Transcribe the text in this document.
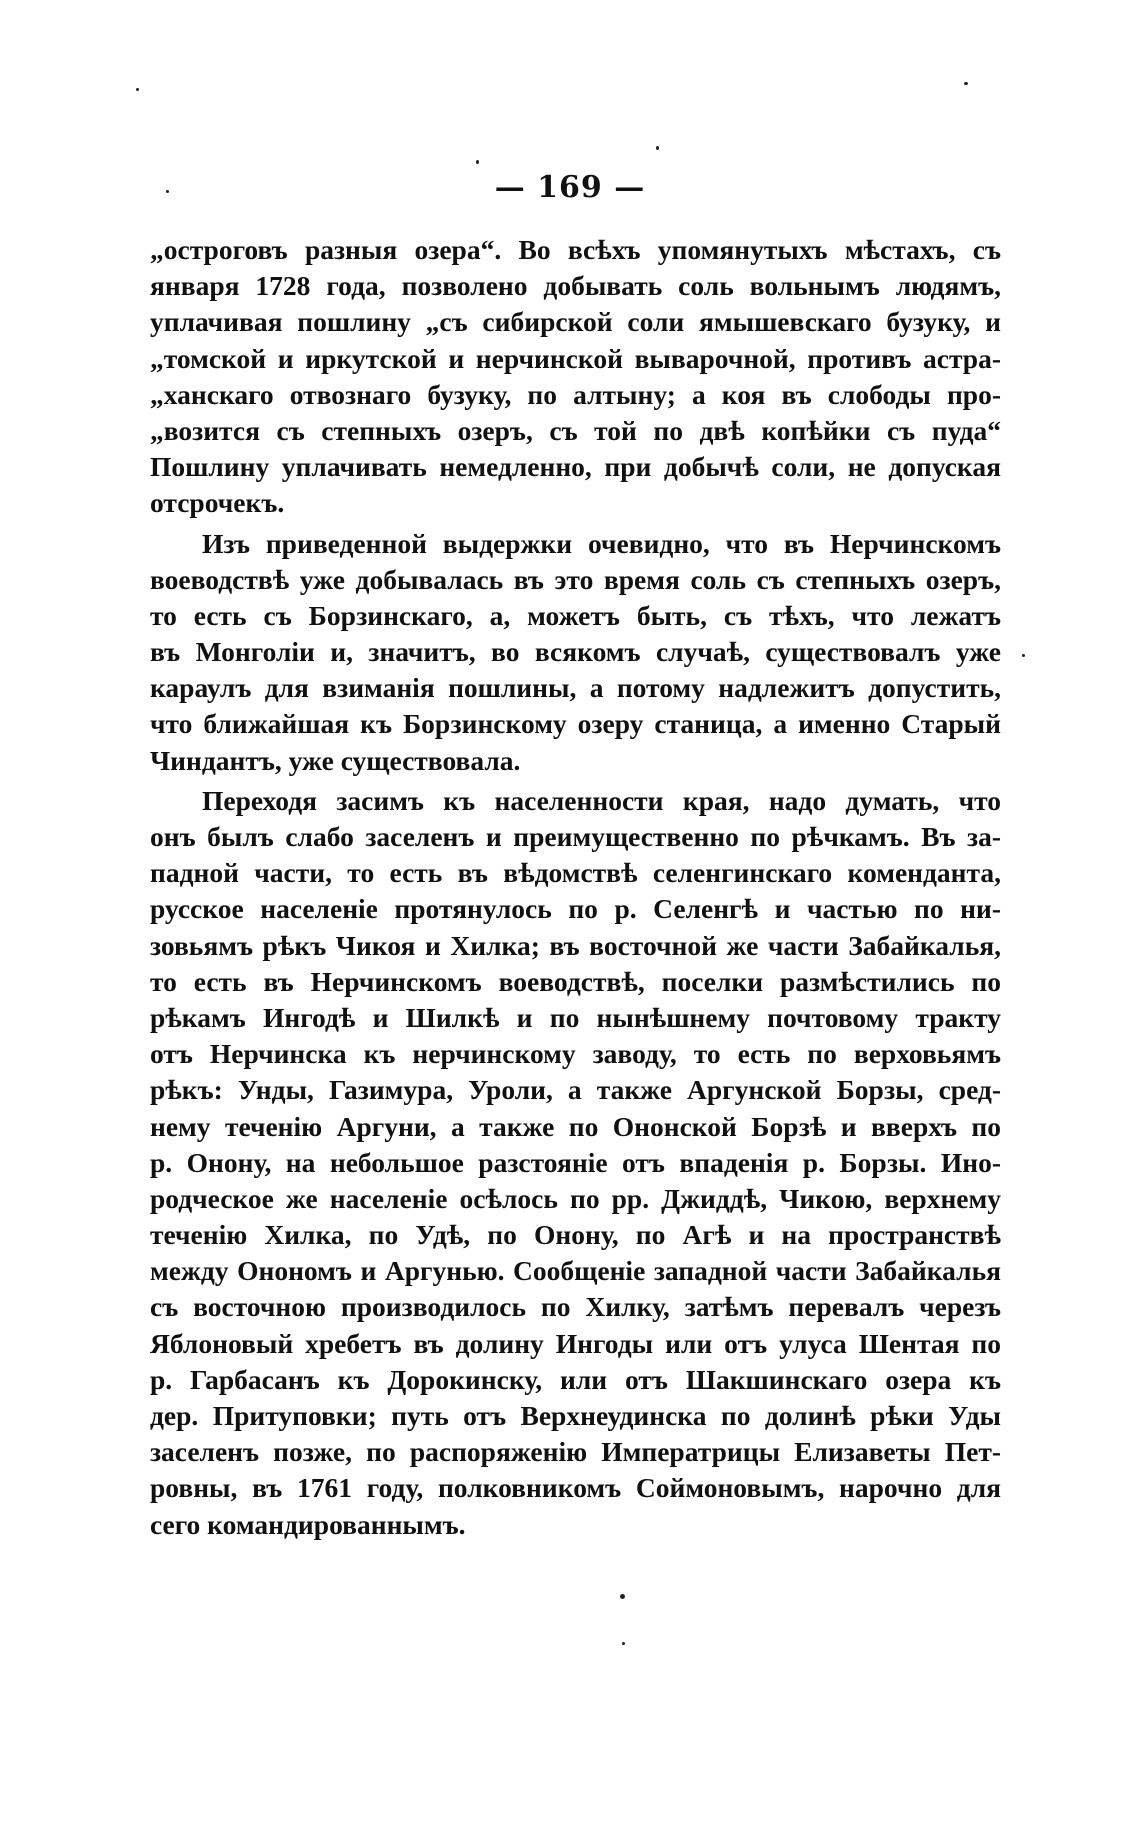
— 169 —
„остроговъ разныя озера“. Во всѣхъ упомянутыхъ мѣстахъ, съ
января 1728 года, позволено добывать соль вольнымъ людямъ,
уплачивая пошлину „съ сибирской соли ямышевскаго бузуку, и
„томской и иркутской и нерчинской выварочной, противъ астра-
„ханскаго отвознаго бузуку, по алтыну; а коя въ слободы про-
„возится съ степныхъ озеръ, съ той по двѣ копѣйки съ пуда“
Пошлину уплачивать немедленно, при добычѣ соли, не допуская
отсрочекъ.
Изъ приведенной выдержки очевидно, что въ Нерчинскомъ
воеводствѣ уже добывалась въ это время соль съ степныхъ озеръ,
то есть съ Борзинскаго, а, можетъ быть, съ тѣхъ, что лежатъ
въ Монголіи и, значитъ, во всякомъ случаѣ, существовалъ уже
караулъ для взиманія пошлины, а потому надлежитъ допустить,
что ближайшая къ Борзинскому озеру станица, а именно Старый
Чиндантъ, уже существовала.
Переходя засимъ къ населенности края, надо думать, что
онъ былъ слабо заселенъ и преимущественно по рѣчкамъ. Въ за-
падной части, то есть въ вѣдомствѣ селенгинскаго коменданта,
русское населеніе протянулось по р. Селенгѣ и частью по ни-
зовьямъ рѣкъ Чикоя и Хилка; въ восточной же части Забайкалья,
то есть въ Нерчинскомъ воеводствѣ, поселки размѣстились по
рѣкамъ Ингодѣ и Шилкѣ и по нынѣшнему почтовому тракту
отъ Нерчинска къ нерчинскому заводу, то есть по верховьямъ
рѣкъ: Унды, Газимура, Уроли, а также Аргунской Борзы, сред-
нему теченію Аргуни, а также по Ононской Борзѣ и вверхъ по
р. Онону, на небольшое разстояніе отъ впаденія р. Борзы. Ино-
родческое же населеніе осѣлось по рр. Джиддѣ, Чикою, верхнему
теченію Хилка, по Удѣ, по Онону, по Агѣ и на пространствѣ
между Онономъ и Аргунью. Сообщеніе западной части Забайкалья
съ восточною производилось по Хилку, затѣмъ перевалъ черезъ
Яблоновый хребетъ въ долину Ингоды или отъ улуса Шентая по
р. Гарбасанъ къ Дорокинску, или отъ Шакшинскаго озера къ
дер. Притуповки; путь отъ Верхнеудинска по долинѣ рѣки Уды
заселенъ позже, по распоряженію Императрицы Елизаветы Пет-
ровны, въ 1761 году, полковникомъ Соймоновымъ, нарочно для
сего командированнымъ.
